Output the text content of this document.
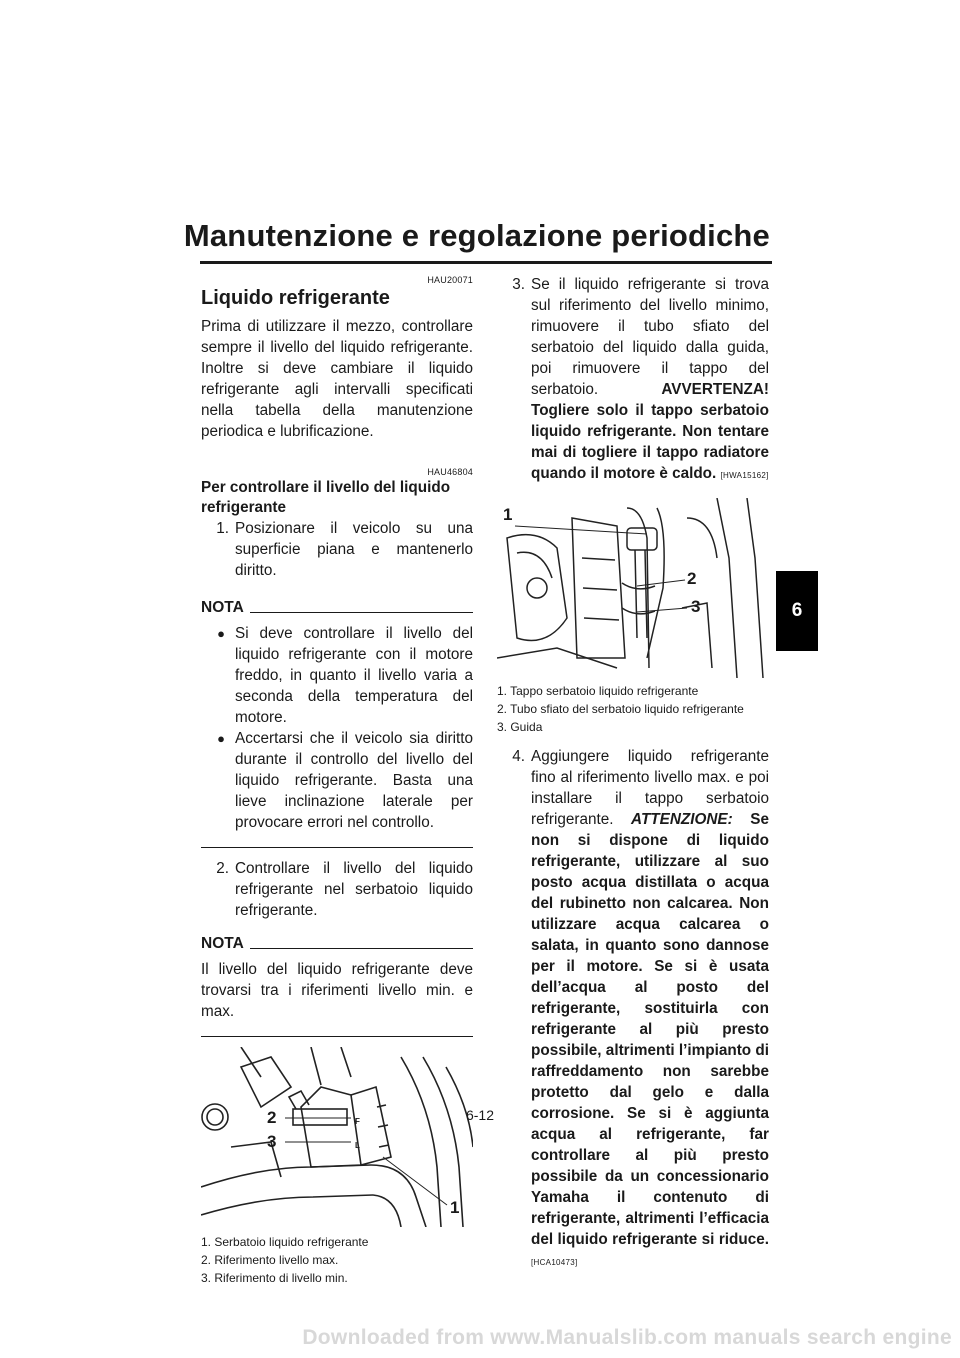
Manutenzione e regolazione periodiche
6

HAU20071

Liquido refrigerante

Prima di utilizzare il mezzo, controllare sempre il livello del liquido refrigerante. Inoltre si deve cambiare il liquido refrigerante agli intervalli specificati nella tabella della manutenzione periodica e lubrificazione.

HAU46804

Per controllare il livello del liquido refrigerante

1. Posizionare il veicolo su una superficie piana e mantenerlo diritto.
NOTA
● Si deve controllare il livello del liquido refrigerante con il motore freddo, in quanto il livello varia a seconda della temperatura del motore.
● Accertarsi che il veicolo sia diritto durante il controllo del livello del liquido refrigerante. Basta una lieve inclinazione laterale per provocare errori nel controllo.
2. Controllare il livello del liquido refrigerante nel serbatoio liquido refrigerante.
NOTA

Il livello del liquido refrigerante deve trovarsi tra i riferimenti livello min. e max.

F
L
2
3
1

1. Serbatoio liquido refrigerante

2. Riferimento livello max.

3. Riferimento di livello min.

3. Se il liquido refrigerante si trova sul riferimento del livello minimo, rimuovere il tubo sfiato del serbatoio del liquido dalla guida, poi rimuovere il tappo del serbatoio.	AVVERTENZA! Togliere solo il tappo serbatoio liquido refrigerante. Non tentare mai di togliere il tappo radiatore quando il motore è caldo. [HWA15162]
1
2
3

1. Tappo serbatoio liquido refrigerante

2. Tubo sfiato del serbatoio liquido refrigerante

3. Guida

4. Aggiungere liquido refrigerante fino al riferimento livello max. e poi installare il tappo serbatoio refrigerante. ATTENZIONE: Se non si dispone di liquido refrigerante, utilizzare al suo posto acqua distillata o acqua del rubinetto non calcarea. Non utilizzare acqua calcarea o salata, in quanto sono dannose per il motore. Se si è usata dell’acqua al posto del refrigerante, sostituirla con refrigerante al più presto possibile, altrimenti l’impianto di raffreddamento non sarebbe protetto dal gelo e dalla corrosione. Se si è aggiunta acqua al refrigerante, far controllare al più presto possibile da un concessionario Yamaha il contenuto di refrigerante, altrimenti l’efficacia del liquido refrigerante si riduce. [HCA10473]

6-12

Downloaded from www.Manualslib.com manuals search engine
